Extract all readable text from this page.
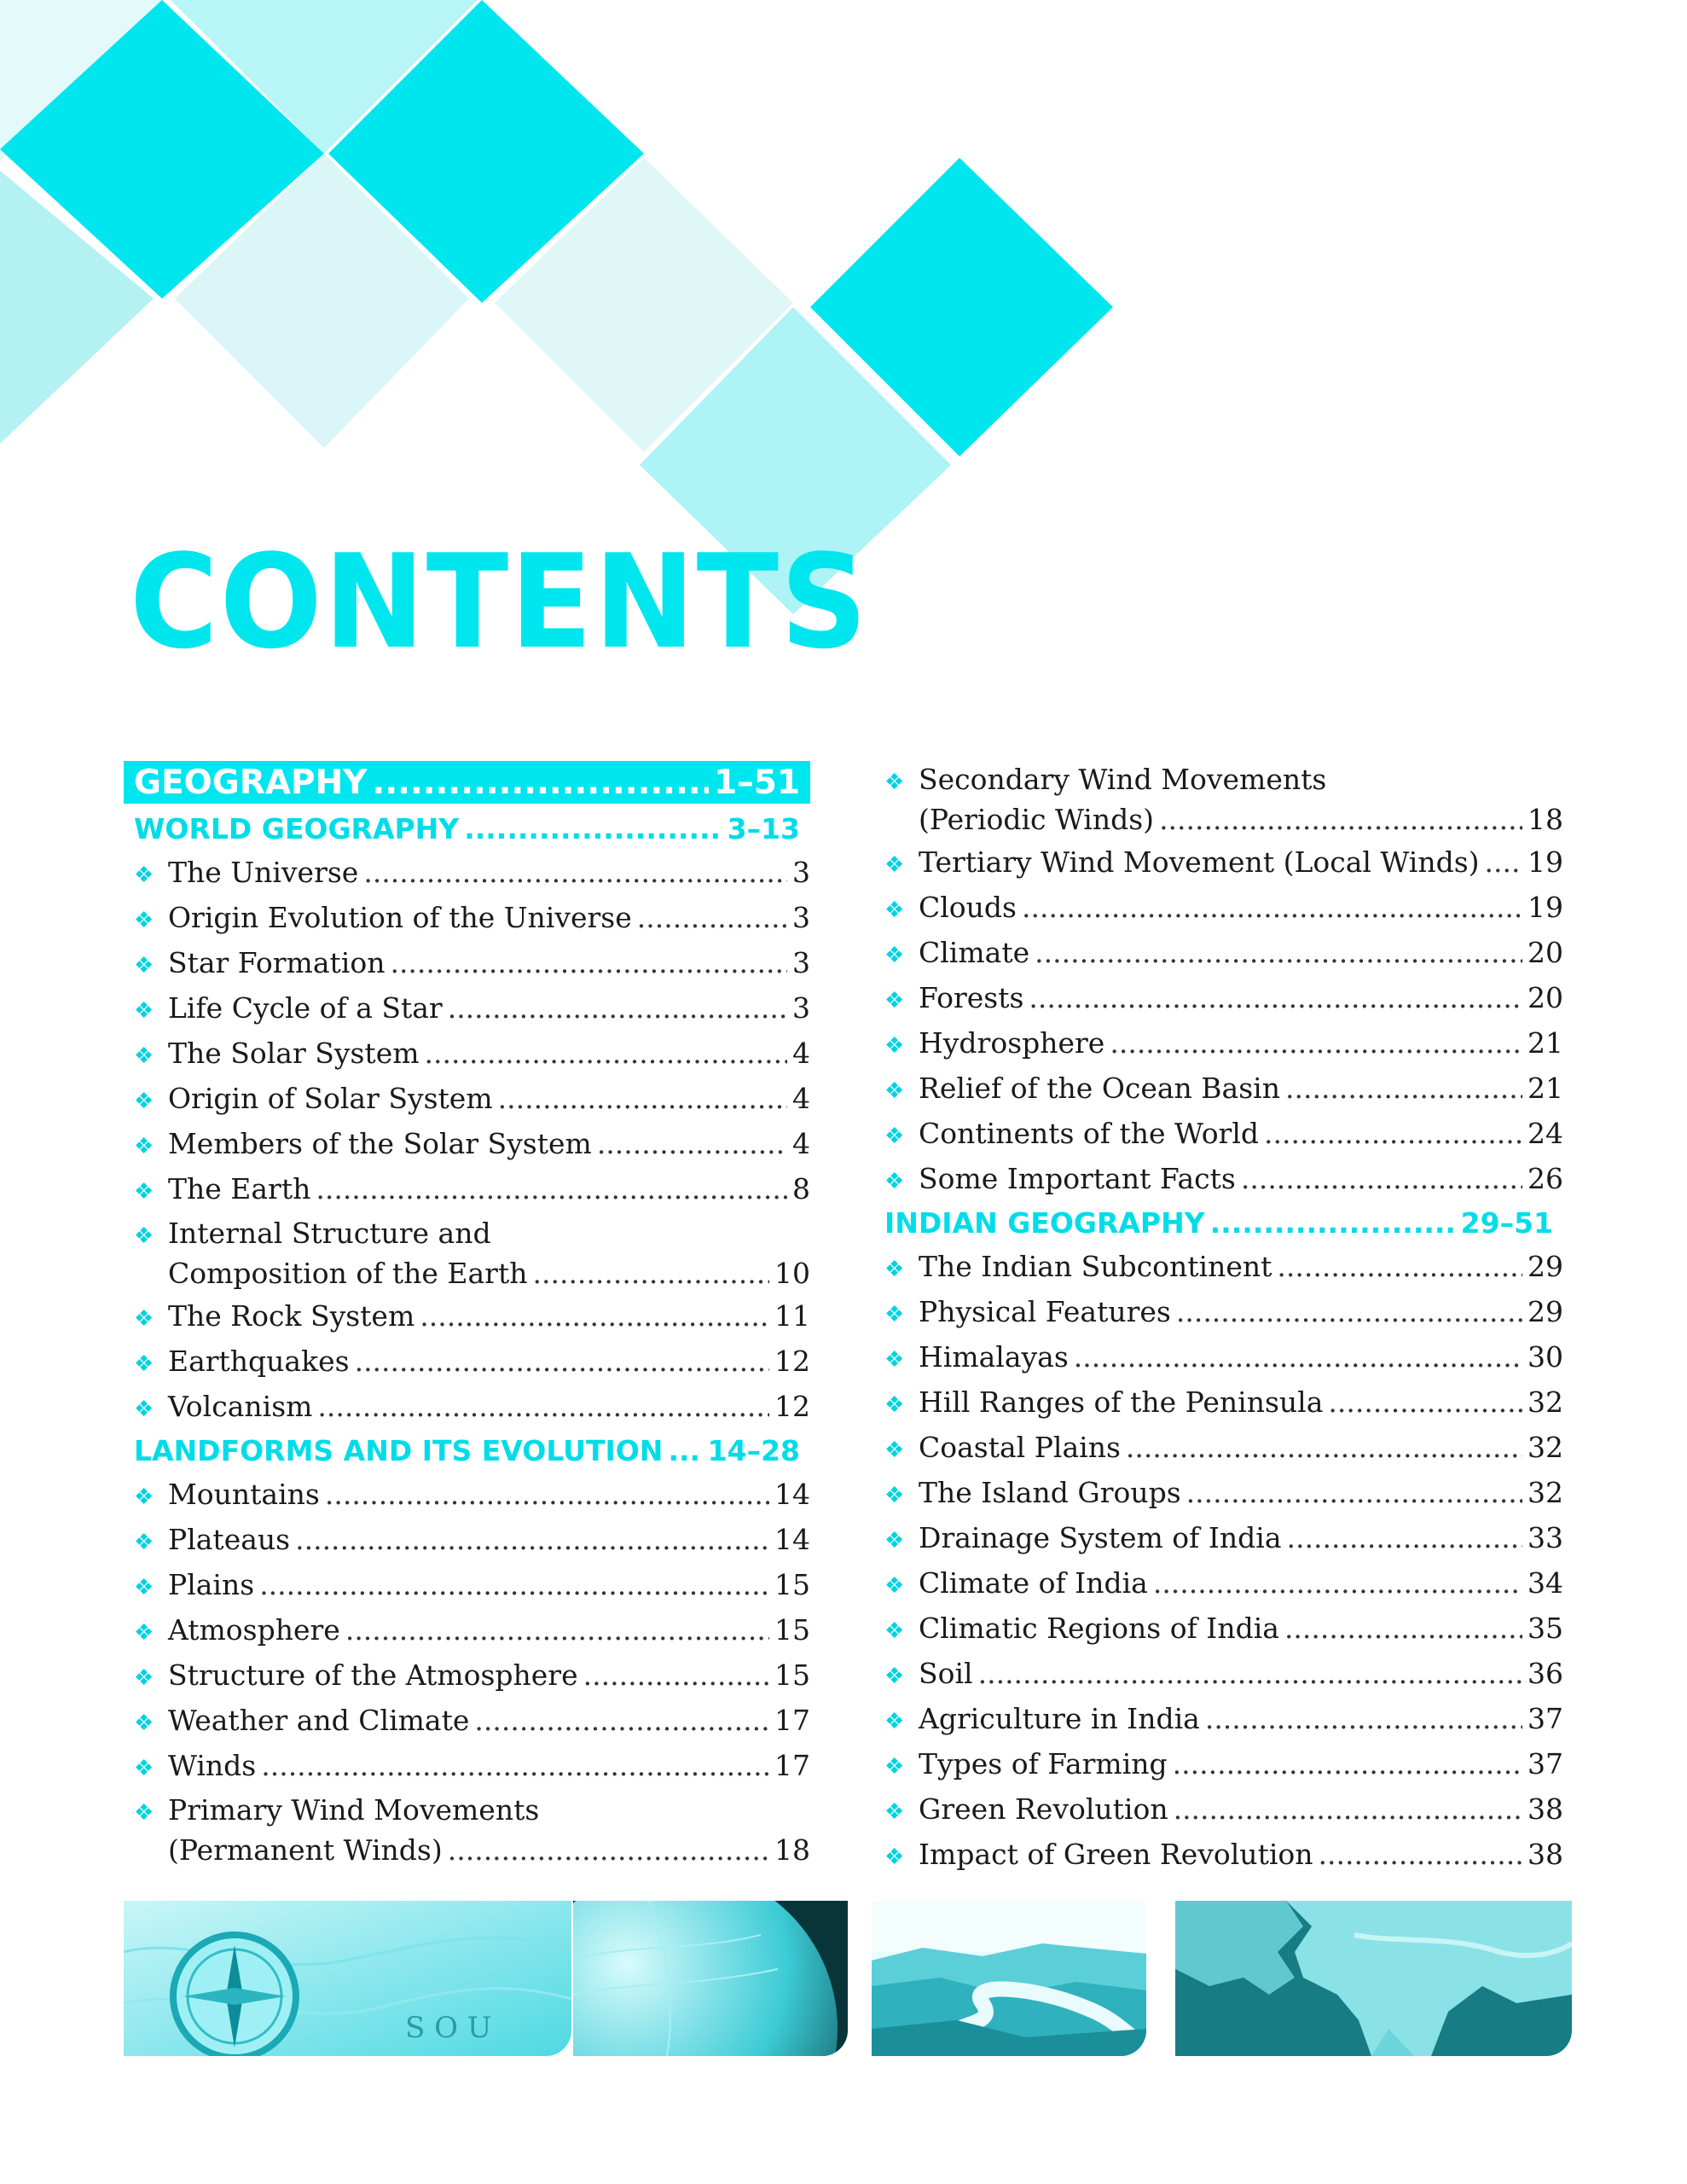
CONTENTS
GEOGRAPHY .....	1–51
WORLD GEOGRAPHY .....	3–13
❖ The Universe .....	3
❖ Origin Evolution of the Universe .....	3
❖ Star Formation .....	3
❖ Life Cycle of a Star .....	3
❖ The Solar System .....	4
❖ Origin of Solar System .....	4
❖ Members of the Solar System .....	4
❖ The Earth .....	8
❖ Internal Structure and
Composition of the Earth .....	10
❖ The Rock System .....	11
❖ Earthquakes .....	12
❖ Volcanism .....	12
LANDFORMS AND ITS EVOLUTION ..... 14–28
❖ Mountains .....	14
❖ Plateaus .....	14
❖ Plains .....	15
❖ Atmosphere .....	15
❖ Structure of the Atmosphere .....	15
❖ Weather and Climate .....	17
❖ Winds .....	17
❖ Primary Wind Movements
(Permanent Winds) .....	18
❖ Secondary Wind Movements
(Periodic Winds) .....	18
❖ Tertiary Wind Movement (Local Winds) ..... 19
❖ Clouds .....	19
❖ Climate .....	20
❖ Forests .....	20
❖ Hydrosphere .....	21
❖ Relief of the Ocean Basin .....	21
❖ Continents of the World .....	24
❖ Some Important Facts .....	26
INDIAN GEOGRAPHY .....	29–51
❖ The Indian Subcontinent .....	29
❖ Physical Features .....	29
❖ Himalayas .....	30
❖ Hill Ranges of the Peninsula .....	32
❖ Coastal Plains .....	32
❖ The Island Groups .....	32
❖ Drainage System of India .....	33
❖ Climate of India .....	34
❖ Climatic Regions of India .....	35
❖ Soil .....	36
❖ Agriculture in India .....	37
❖ Types of Farming .....	37
❖ Green Revolution .....	38
❖ Impact of Green Revolution .....	38
S O U
